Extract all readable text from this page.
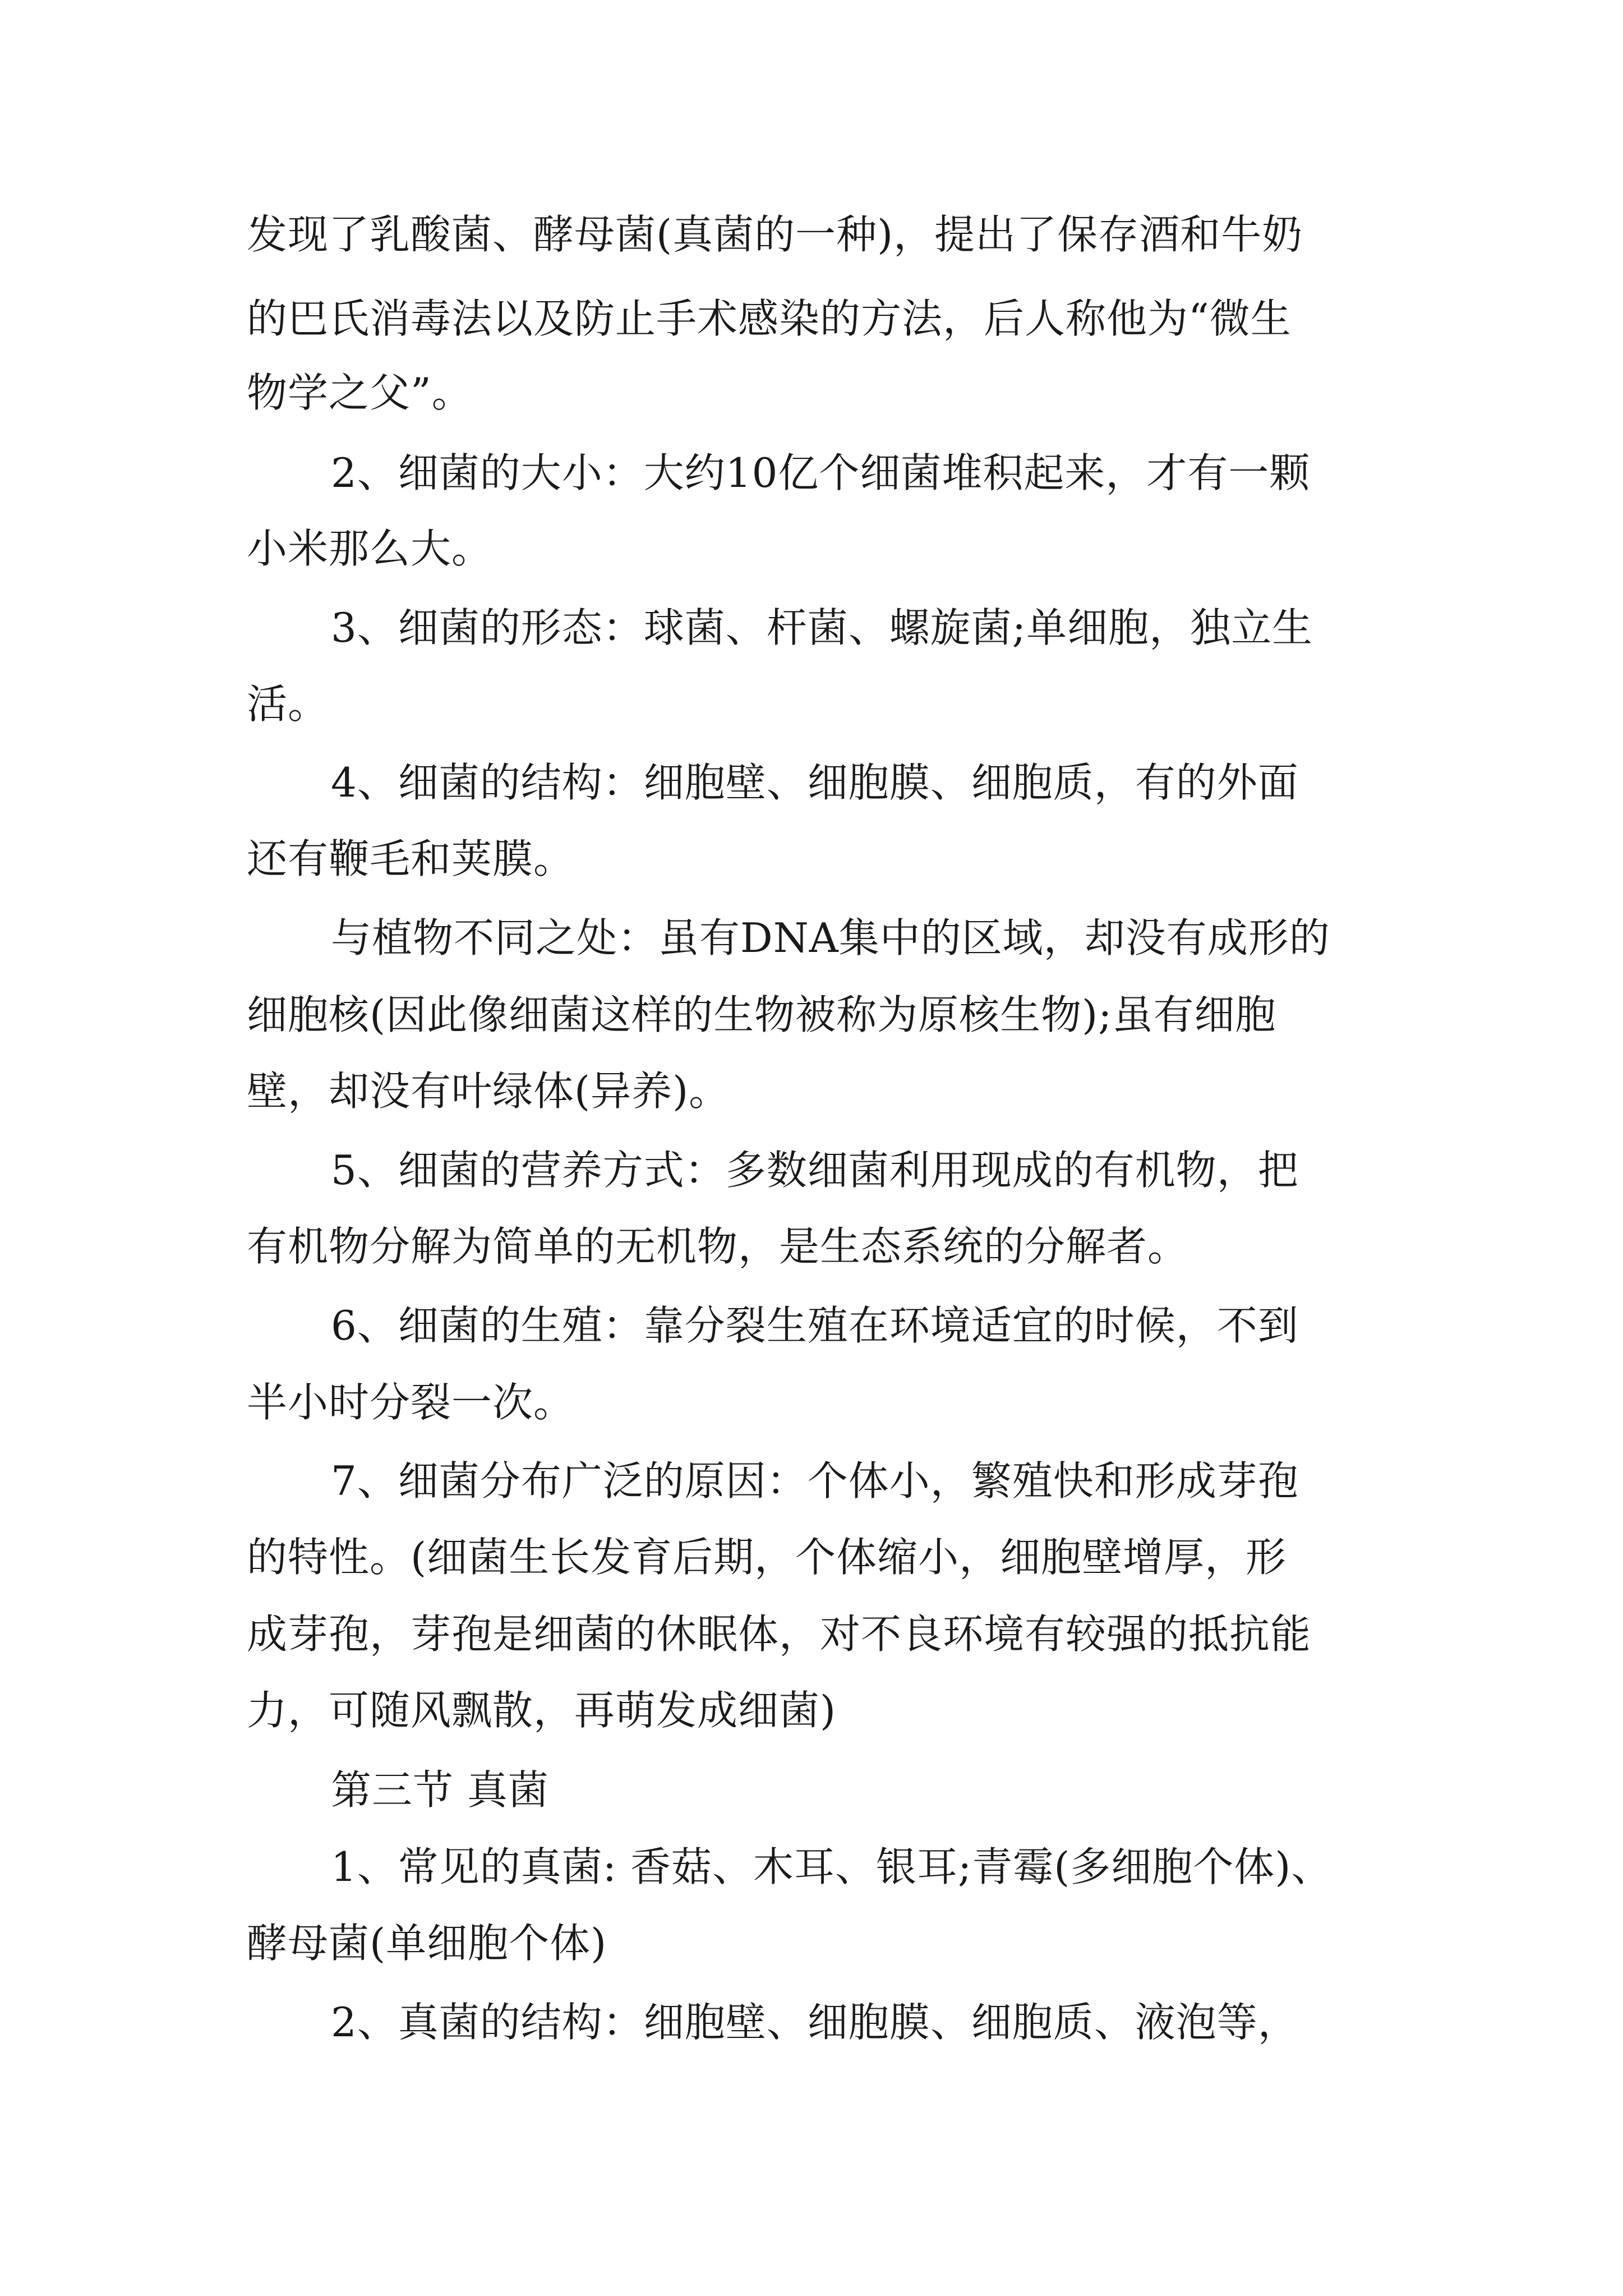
发现了乳酸菌、酵母菌(真菌的一种)，提出了保存酒和牛奶
的巴氏消毒法以及防止手术感染的方法，后人称他为“微生
物学之父”。
2、细菌的大小：大约10亿个细菌堆积起来，才有一颗
小米那么大。
3、细菌的形态：球菌、杆菌、螺旋菌;单细胞，独立生
活。
4、细菌的结构：细胞壁、细胞膜、细胞质，有的外面
还有鞭毛和荚膜。
与植物不同之处：虽有DNA集中的区域，却没有成形的
细胞核(因此像细菌这样的生物被称为原核生物);虽有细胞
壁，却没有叶绿体(异养)。
5、细菌的营养方式：多数细菌利用现成的有机物，把
有机物分解为简单的无机物，是生态系统的分解者。
6、细菌的生殖：靠分裂生殖在环境适宜的时候，不到
半小时分裂一次。
7、细菌分布广泛的原因：个体小，繁殖快和形成芽孢
的特性。(细菌生长发育后期，个体缩小，细胞壁增厚，形
成芽孢，芽孢是细菌的休眠体，对不良环境有较强的抵抗能
力，可随风飘散，再萌发成细菌)
第三节 真菌
1、常见的真菌: 香菇、木耳、银耳;青霉(多细胞个体)、
酵母菌(单细胞个体)
2、真菌的结构：细胞壁、细胞膜、细胞质、液泡等，
